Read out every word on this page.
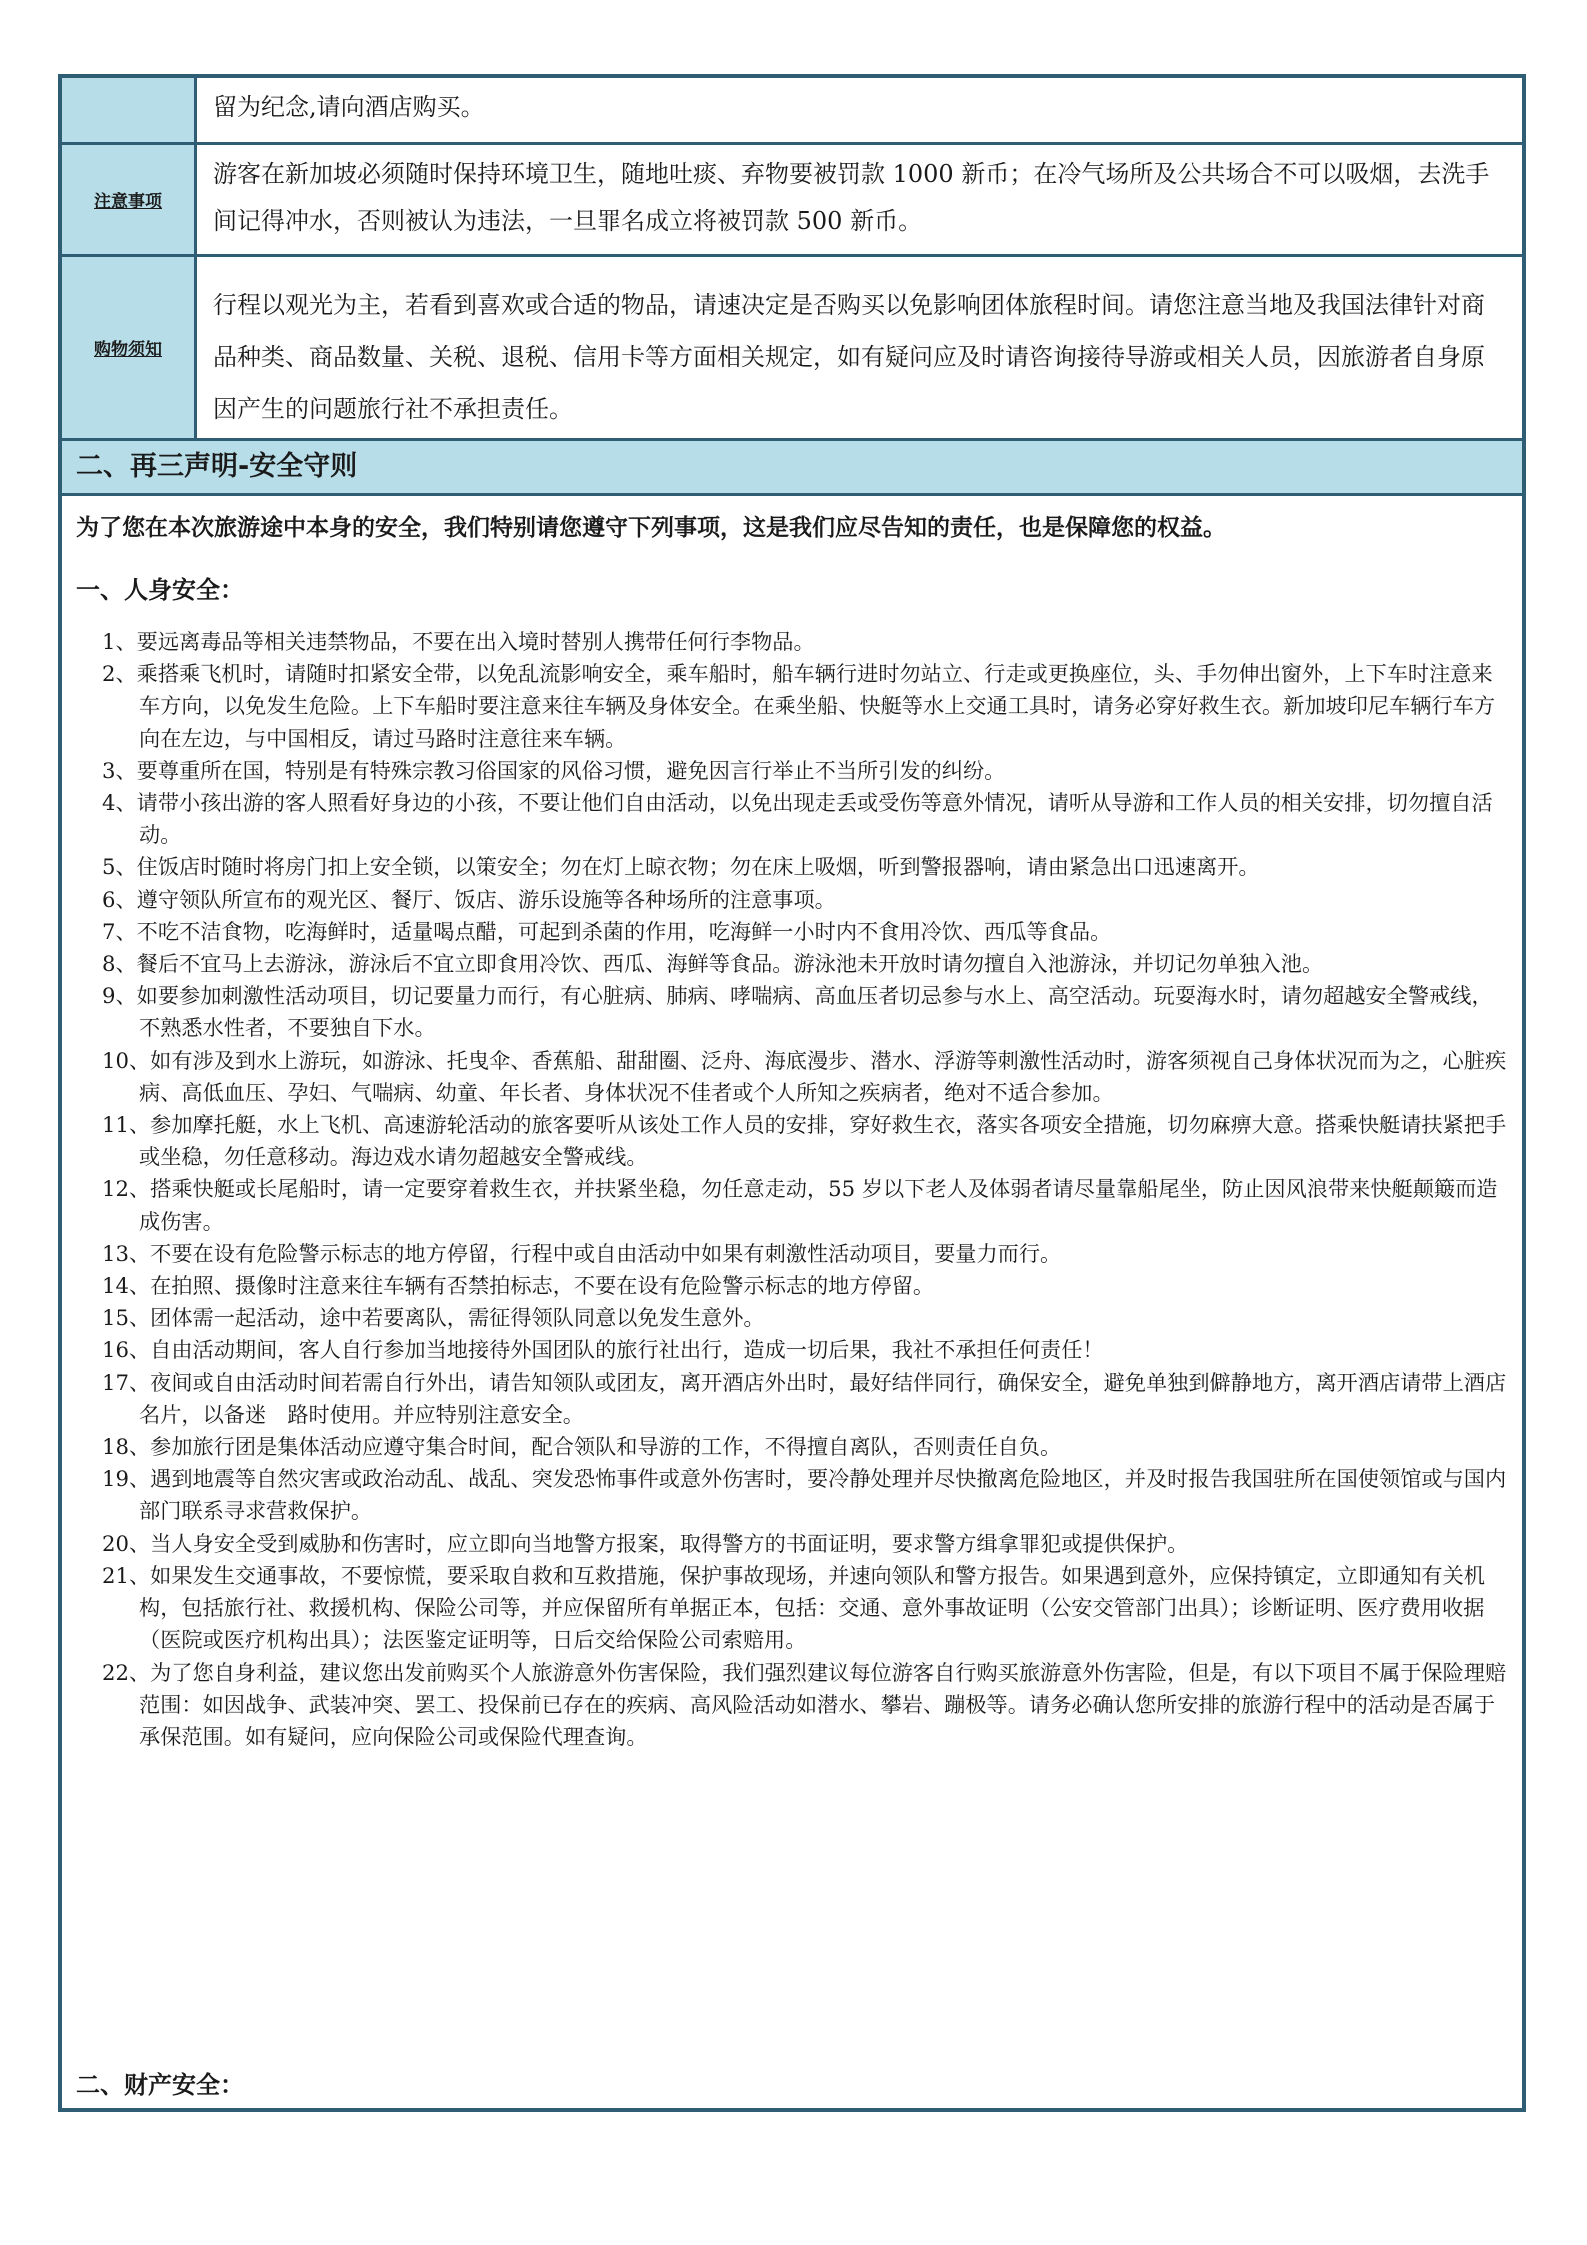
留为纪念,请向酒店购买。
注意事项
游客在新加坡必须随时保持环境卫生，随地吐痰、弃物要被罚款 1000 新币；在冷气场所及公共场合不可以吸烟，去洗手间记得冲水，否则被认为违法，一旦罪名成立将被罚款 500 新币。
购物须知
行程以观光为主，若看到喜欢或合适的物品，请速决定是否购买以免影响团体旅程时间。请您注意当地及我国法律针对商品种类、商品数量、关税、退税、信用卡等方面相关规定，如有疑问应及时请咨询接待导游或相关人员，因旅游者自身原因产生的问题旅行社不承担责任。
二、再三声明-安全守则
为了您在本次旅游途中本身的安全，我们特别请您遵守下列事项，这是我们应尽告知的责任，也是保障您的权益。
一、人身安全：
1、要远离毒品等相关违禁物品，不要在出入境时替别人携带任何行李物品。
2、乘搭乘飞机时，请随时扣紧安全带，以免乱流影响安全，乘车船时，船车辆行进时勿站立、行走或更换座位，头、手勿伸出窗外，上下车时注意来车方向，以免发生危险。上下车船时要注意来往车辆及身体安全。在乘坐船、快艇等水上交通工具时，请务必穿好救生衣。新加坡印尼车辆行车方向在左边，与中国相反，请过马路时注意往来车辆。
3、要尊重所在国，特别是有特殊宗教习俗国家的风俗习惯，避免因言行举止不当所引发的纠纷。
4、请带小孩出游的客人照看好身边的小孩，不要让他们自由活动，以免出现走丢或受伤等意外情况，请听从导游和工作人员的相关安排，切勿擅自活动。
5、住饭店时随时将房门扣上安全锁，以策安全；勿在灯上晾衣物；勿在床上吸烟，听到警报器响，请由紧急出口迅速离开。
6、遵守领队所宣布的观光区、餐厅、饭店、游乐设施等各种场所的注意事项。
7、不吃不洁食物，吃海鲜时，适量喝点醋，可起到杀菌的作用，吃海鲜一小时内不食用冷饮、西瓜等食品。
8、餐后不宜马上去游泳，游泳后不宜立即食用冷饮、西瓜、海鲜等食品。游泳池未开放时请勿擅自入池游泳，并切记勿单独入池。
9、如要参加刺激性活动项目，切记要量力而行，有心脏病、肺病、哮喘病、高血压者切忌参与水上、高空活动。玩耍海水时，请勿超越安全警戒线，不熟悉水性者，不要独自下水。
10、如有涉及到水上游玩，如游泳、托曳伞、香蕉船、甜甜圈、泛舟、海底漫步、潜水、浮游等刺激性活动时，游客须视自己身体状况而为之，心脏疾病、高低血压、孕妇、气喘病、幼童、年长者、身体状况不佳者或个人所知之疾病者，绝对不适合参加。
11、参加摩托艇，水上飞机、高速游轮活动的旅客要听从该处工作人员的安排，穿好救生衣，落实各项安全措施，切勿麻痹大意。搭乘快艇请扶紧把手或坐稳，勿任意移动。海边戏水请勿超越安全警戒线。
12、搭乘快艇或长尾船时，请一定要穿着救生衣，并扶紧坐稳，勿任意走动，55 岁以下老人及体弱者请尽量靠船尾坐，防止因风浪带来快艇颠簸而造成伤害。
13、不要在设有危险警示标志的地方停留，行程中或自由活动中如果有刺激性活动项目，要量力而行。
14、在拍照、摄像时注意来往车辆有否禁拍标志，不要在设有危险警示标志的地方停留。
15、团体需一起活动，途中若要离队，需征得领队同意以免发生意外。
16、自由活动期间，客人自行参加当地接待外国团队的旅行社出行，造成一切后果，我社不承担任何责任！
17、夜间或自由活动时间若需自行外出，请告知领队或团友，离开酒店外出时，最好结伴同行，确保安全，避免单独到僻静地方，离开酒店请带上酒店名片，以备迷　路时使用。并应特别注意安全。
18、参加旅行团是集体活动应遵守集合时间，配合领队和导游的工作，不得擅自离队，否则责任自负。
19、遇到地震等自然灾害或政治动乱、战乱、突发恐怖事件或意外伤害时，要冷静处理并尽快撤离危险地区，并及时报告我国驻所在国使领馆或与国内部门联系寻求营救保护。
20、当人身安全受到威胁和伤害时，应立即向当地警方报案，取得警方的书面证明，要求警方缉拿罪犯或提供保护。
21、如果发生交通事故，不要惊慌，要采取自救和互救措施，保护事故现场，并速向领队和警方报告。如果遇到意外，应保持镇定，立即通知有关机构，包括旅行社、救援机构、保险公司等，并应保留所有单据正本，包括：交通、意外事故证明（公安交管部门出具）；诊断证明、医疗费用收据（医院或医疗机构出具）；法医鉴定证明等，日后交给保险公司索赔用。
22、为了您自身利益，建议您出发前购买个人旅游意外伤害保险，我们强烈建议每位游客自行购买旅游意外伤害险，但是，有以下项目不属于保险理赔范围：如因战争、武装冲突、罢工、投保前已存在的疾病、高风险活动如潜水、攀岩、蹦极等。请务必确认您所安排的旅游行程中的活动是否属于承保范围。如有疑问，应向保险公司或保险代理查询。
二、财产安全：
